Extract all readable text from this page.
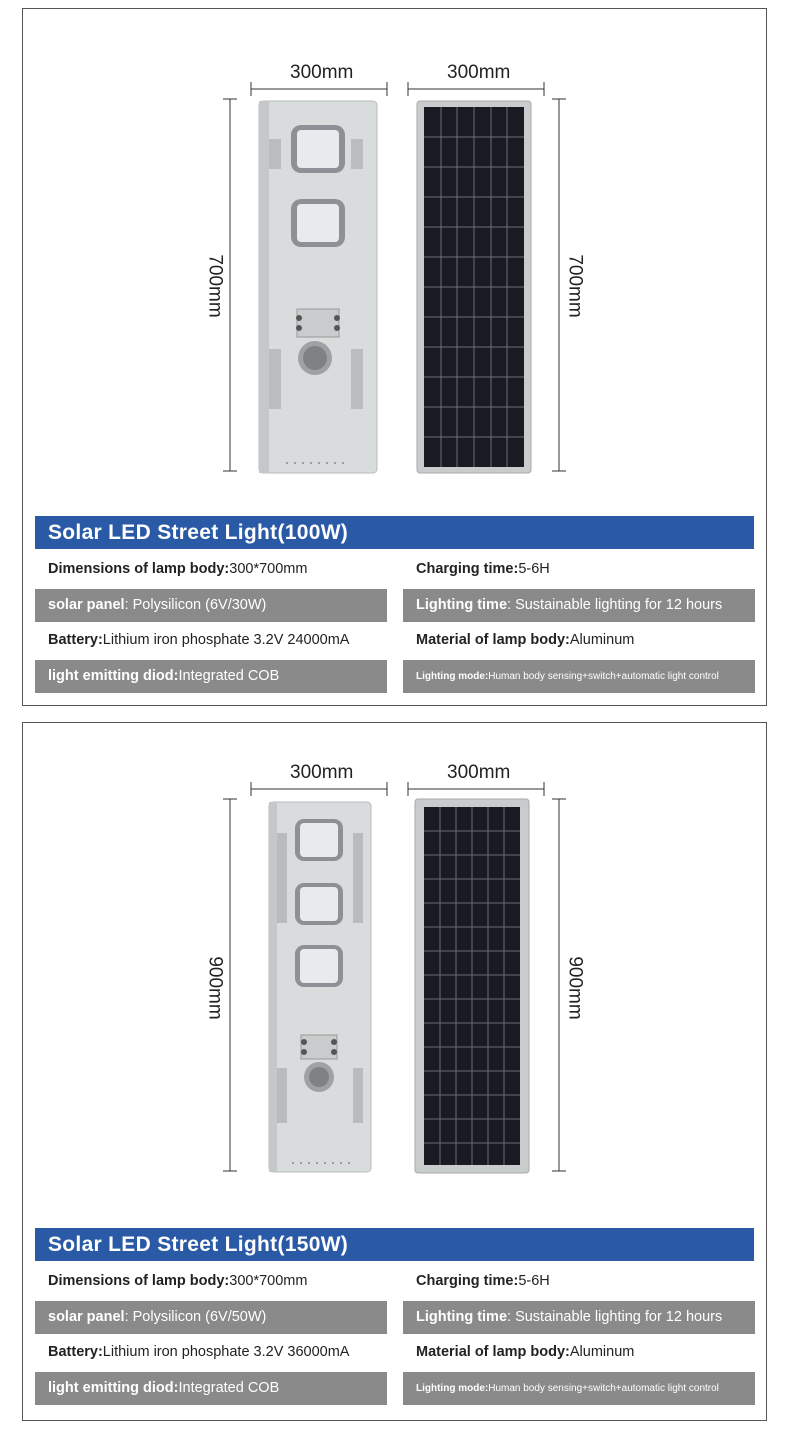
300mm	300mm
700mm	700mm
Solar LED Street Light(100W)
Dimensions of lamp body:300*700mm	Charging time:5-6H
solar panel: Polysilicon (6V/30W)	Lighting time: Sustainable lighting for 12 hours
Battery:Lithium iron phosphate 3.2V 24000mA	Material of lamp body:Aluminum
light emitting diod:Integrated COB	Lighting mode:Human body sensing+switch+automatic light control
300mm	300mm
900mm	900mm
Solar LED Street Light(150W)
Dimensions of lamp body:300*700mm	Charging time:5-6H
solar panel: Polysilicon (6V/50W)	Lighting time: Sustainable lighting for 12 hours
Battery:Lithium iron phosphate 3.2V 36000mA	Material of lamp body:Aluminum
light emitting diod:Integrated COB	Lighting mode:Human body sensing+switch+automatic light control
